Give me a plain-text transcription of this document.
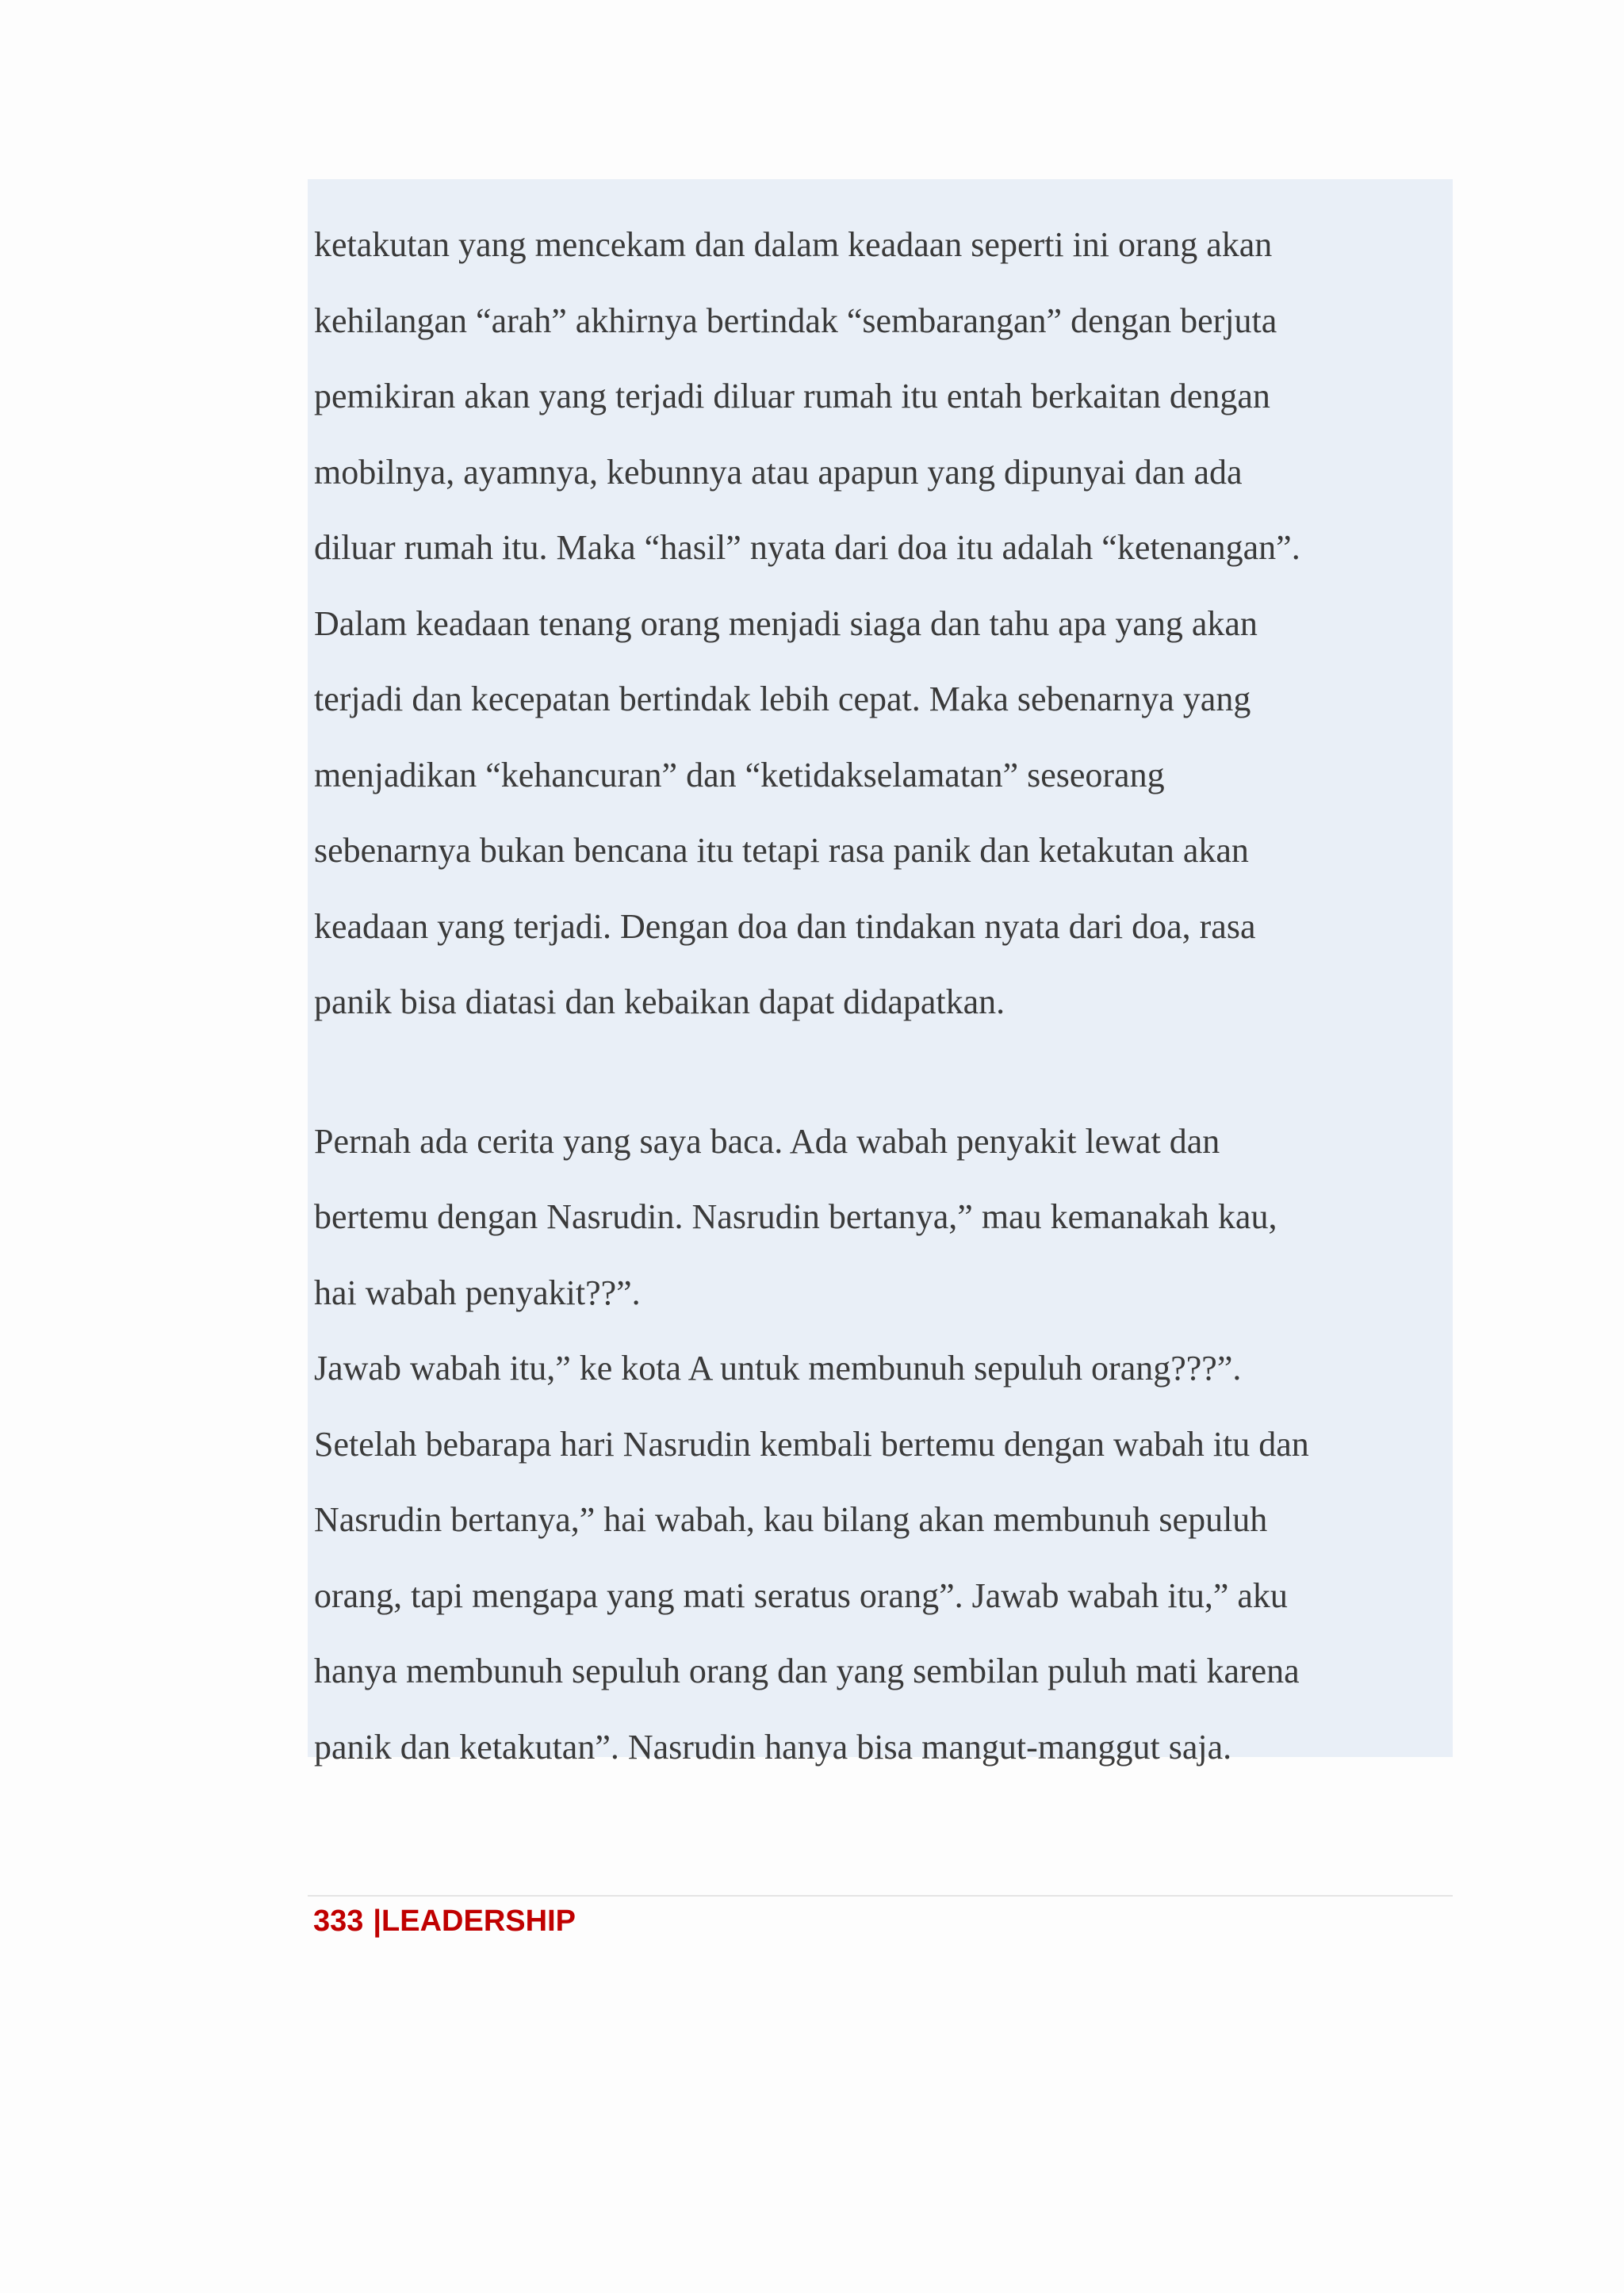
ketakutan yang mencekam dan dalam keadaan seperti ini orang akan
kehilangan “arah” akhirnya bertindak “sembarangan” dengan berjuta
pemikiran akan yang terjadi diluar rumah itu entah berkaitan dengan
mobilnya, ayamnya, kebunnya atau apapun yang dipunyai dan ada
diluar rumah itu. Maka “hasil” nyata dari doa itu adalah “ketenangan”.
Dalam keadaan tenang orang menjadi siaga dan tahu apa yang akan
terjadi dan kecepatan bertindak lebih cepat. Maka sebenarnya yang
menjadikan “kehancuran” dan “ketidakselamatan” seseorang
sebenarnya bukan bencana itu tetapi rasa panik dan ketakutan akan
keadaan yang terjadi. Dengan doa dan tindakan nyata dari doa, rasa
panik bisa diatasi dan kebaikan dapat didapatkan.
Pernah ada cerita yang saya baca. Ada wabah penyakit lewat dan
bertemu dengan Nasrudin. Nasrudin bertanya,” mau kemanakah kau,
hai wabah penyakit??”.
Jawab wabah itu,” ke kota A untuk membunuh sepuluh orang???”.
Setelah bebarapa hari Nasrudin kembali bertemu dengan wabah itu dan
Nasrudin bertanya,” hai wabah, kau bilang akan membunuh sepuluh
orang, tapi mengapa yang mati seratus orang”. Jawab wabah itu,” aku
hanya membunuh sepuluh orang dan yang sembilan puluh mati karena
panik dan ketakutan”. Nasrudin hanya bisa mangut-manggut saja.
333 |LEADERSHIP
